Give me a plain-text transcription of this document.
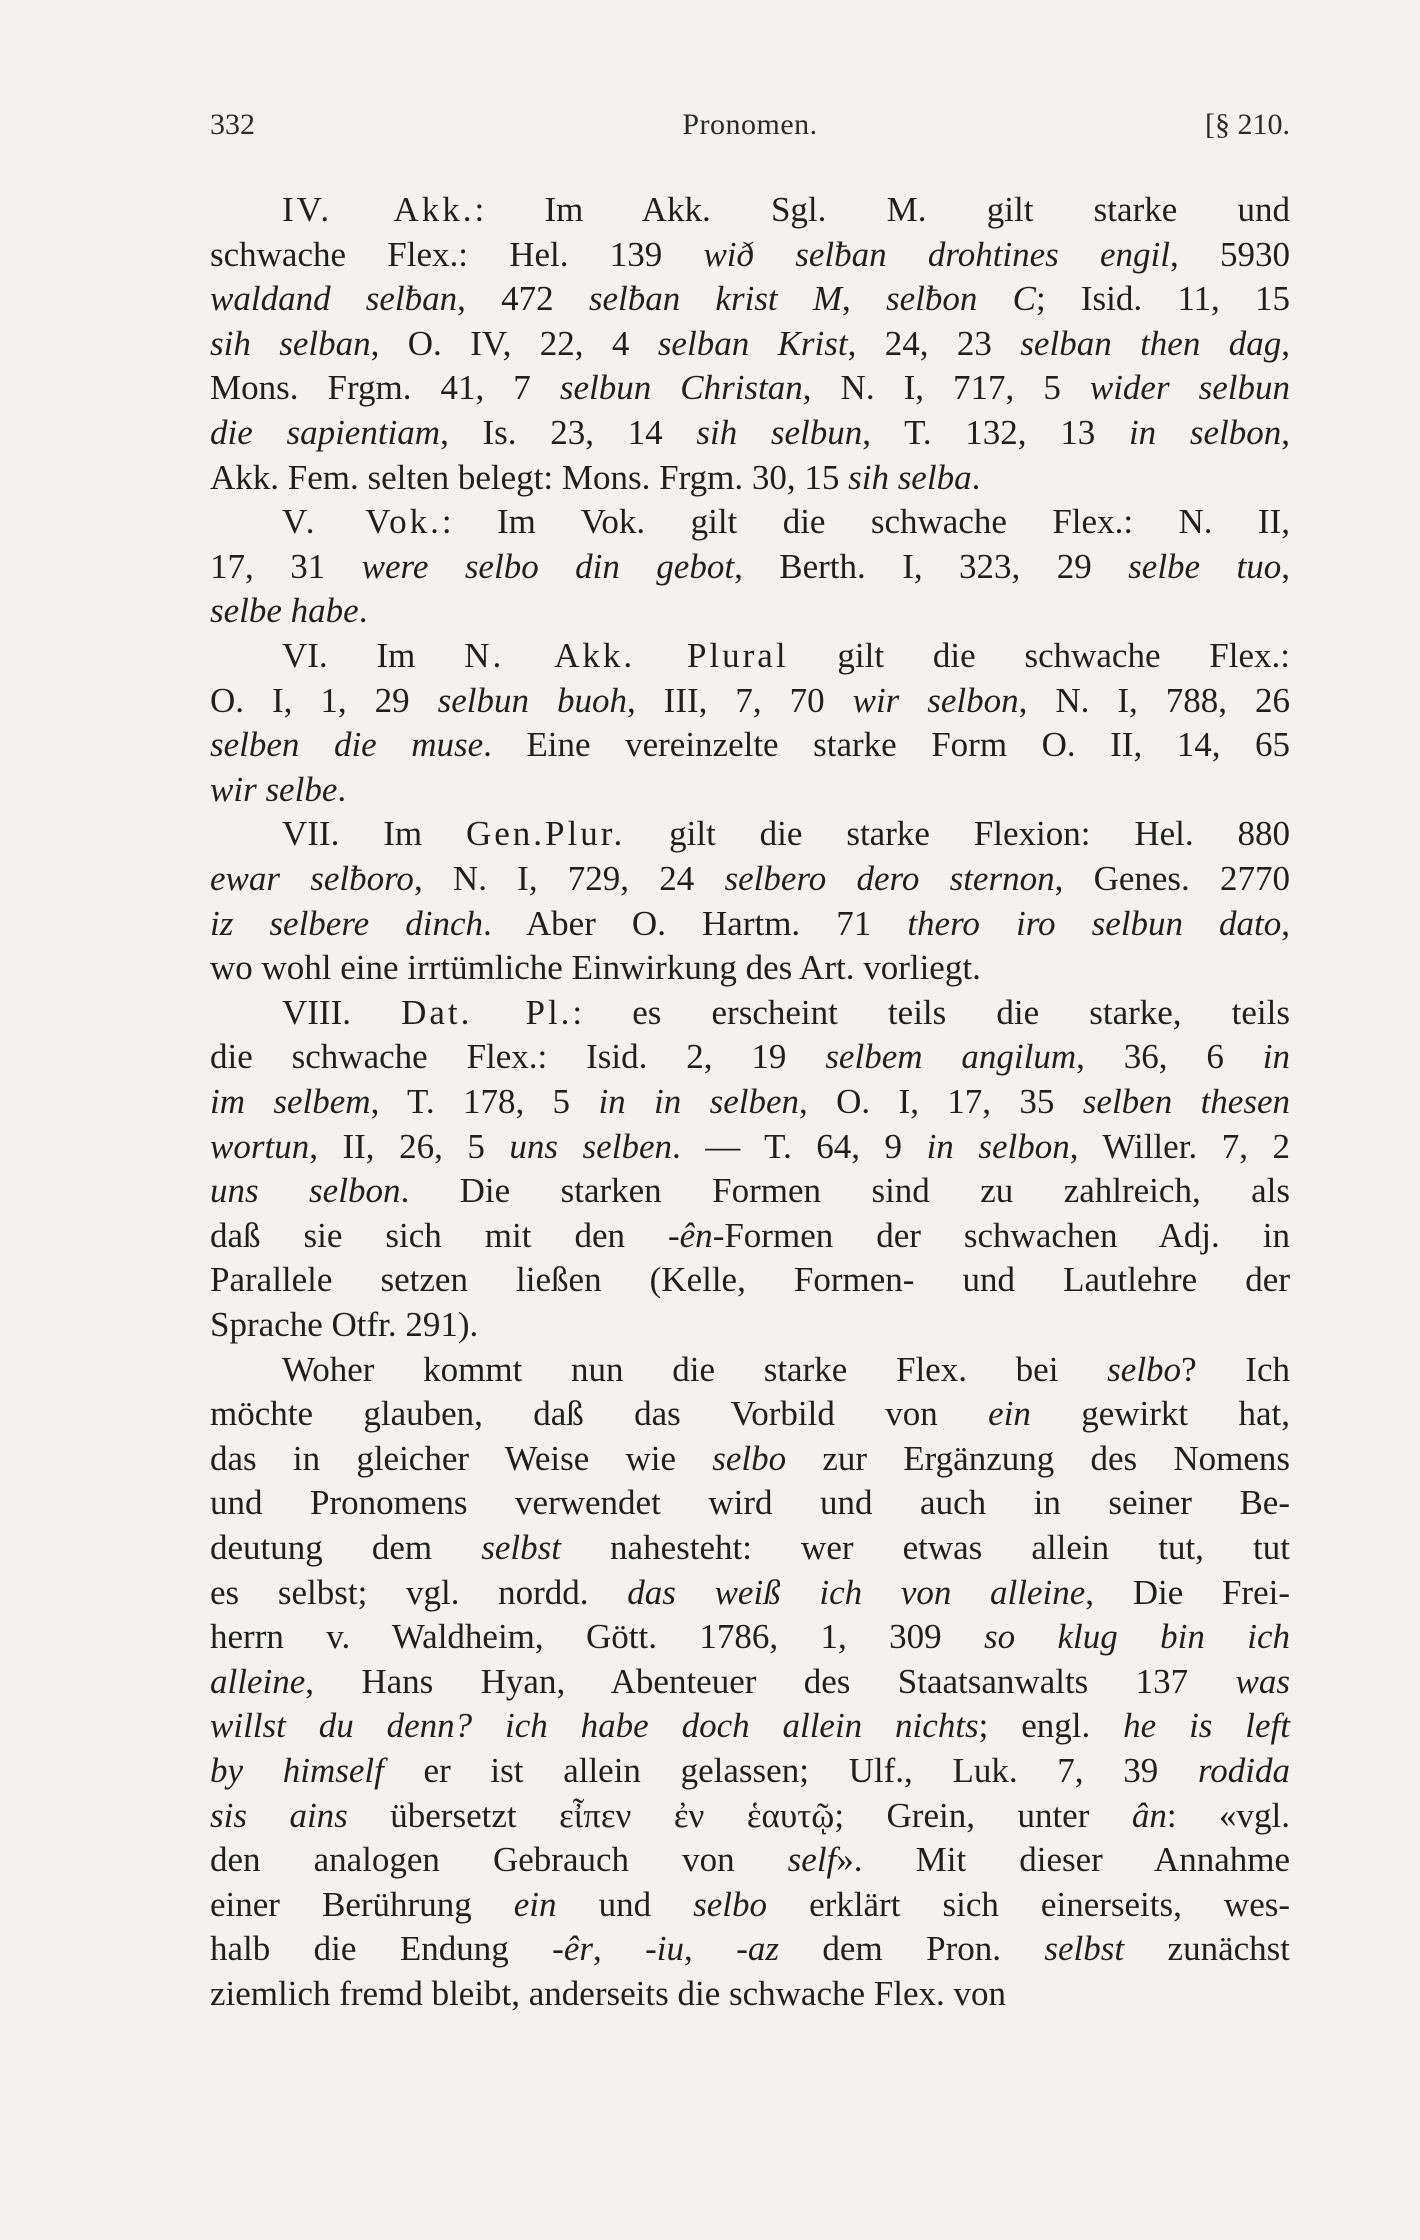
332	Pronomen.	[§ 210.
IV. Akk.: Im Akk. Sgl. M. gilt starke und
schwache Flex.: Hel. 139 wið selƀan drohtines engil, 5930
waldand selƀan, 472 selƀan krist M, selƀon C; Isid. 11, 15
sih selban, O. IV, 22, 4 selban Krist, 24, 23 selban then dag,
Mons. Frgm. 41, 7 selbun Christan, N. I, 717, 5 wider selbun
die sapientiam, Is. 23, 14 sih selbun, T. 132, 13 in selbon,
Akk. Fem. selten belegt: Mons. Frgm. 30, 15 sih selba.
V. Vok.: Im Vok. gilt die schwache Flex.: N. II,
17, 31 were selbo din gebot, Berth. I, 323, 29 selbe tuo,
selbe habe.
VI. Im N. Akk. Plural gilt die schwache Flex.:
O. I, 1, 29 selbun buoh, III, 7, 70 wir selbon, N. I, 788, 26
selben die muse. Eine vereinzelte starke Form O. II, 14, 65
wir selbe.
VII. Im Gen.Plur. gilt die starke Flexion: Hel. 880
ewar selƀoro, N. I, 729, 24 selbero dero sternon, Genes. 2770
iz selbere dinch. Aber O. Hartm. 71 thero iro selbun dato,
wo wohl eine irrtümliche Einwirkung des Art. vorliegt.
VIII. Dat. Pl.: es erscheint teils die starke, teils
die schwache Flex.: Isid. 2, 19 selbem angilum, 36, 6 in
im selbem, T. 178, 5 in in selben, O. I, 17, 35 selben thesen
wortun, II, 26, 5 uns selben. — T. 64, 9 in selbon, Willer. 7, 2
uns selbon. Die starken Formen sind zu zahlreich, als
daß sie sich mit den -ên-Formen der schwachen Adj. in
Parallele setzen ließen (Kelle, Formen- und Lautlehre der
Sprache Otfr. 291).
Woher kommt nun die starke Flex. bei selbo? Ich
möchte glauben, daß das Vorbild von ein gewirkt hat,
das in gleicher Weise wie selbo zur Ergänzung des Nomens
und Pronomens verwendet wird und auch in seiner Be-
deutung dem selbst nahesteht: wer etwas allein tut, tut
es selbst; vgl. nordd. das weiß ich von alleine, Die Frei-
herrn v. Waldheim, Gött. 1786, 1, 309 so klug bin ich
alleine, Hans Hyan, Abenteuer des Staatsanwalts 137 was
willst du denn? ich habe doch allein nichts; engl. he is left
by himself er ist allein gelassen; Ulf., Luk. 7, 39 rodida
sis ains übersetzt εἶπεν ἐν ἑαυτῷ; Grein, unter ân: «vgl.
den analogen Gebrauch von self». Mit dieser Annahme
einer Berührung ein und selbo erklärt sich einerseits, wes-
halb die Endung -êr, -iu, -az dem Pron. selbst zunächst
ziemlich fremd bleibt, anderseits die schwache Flex. von
